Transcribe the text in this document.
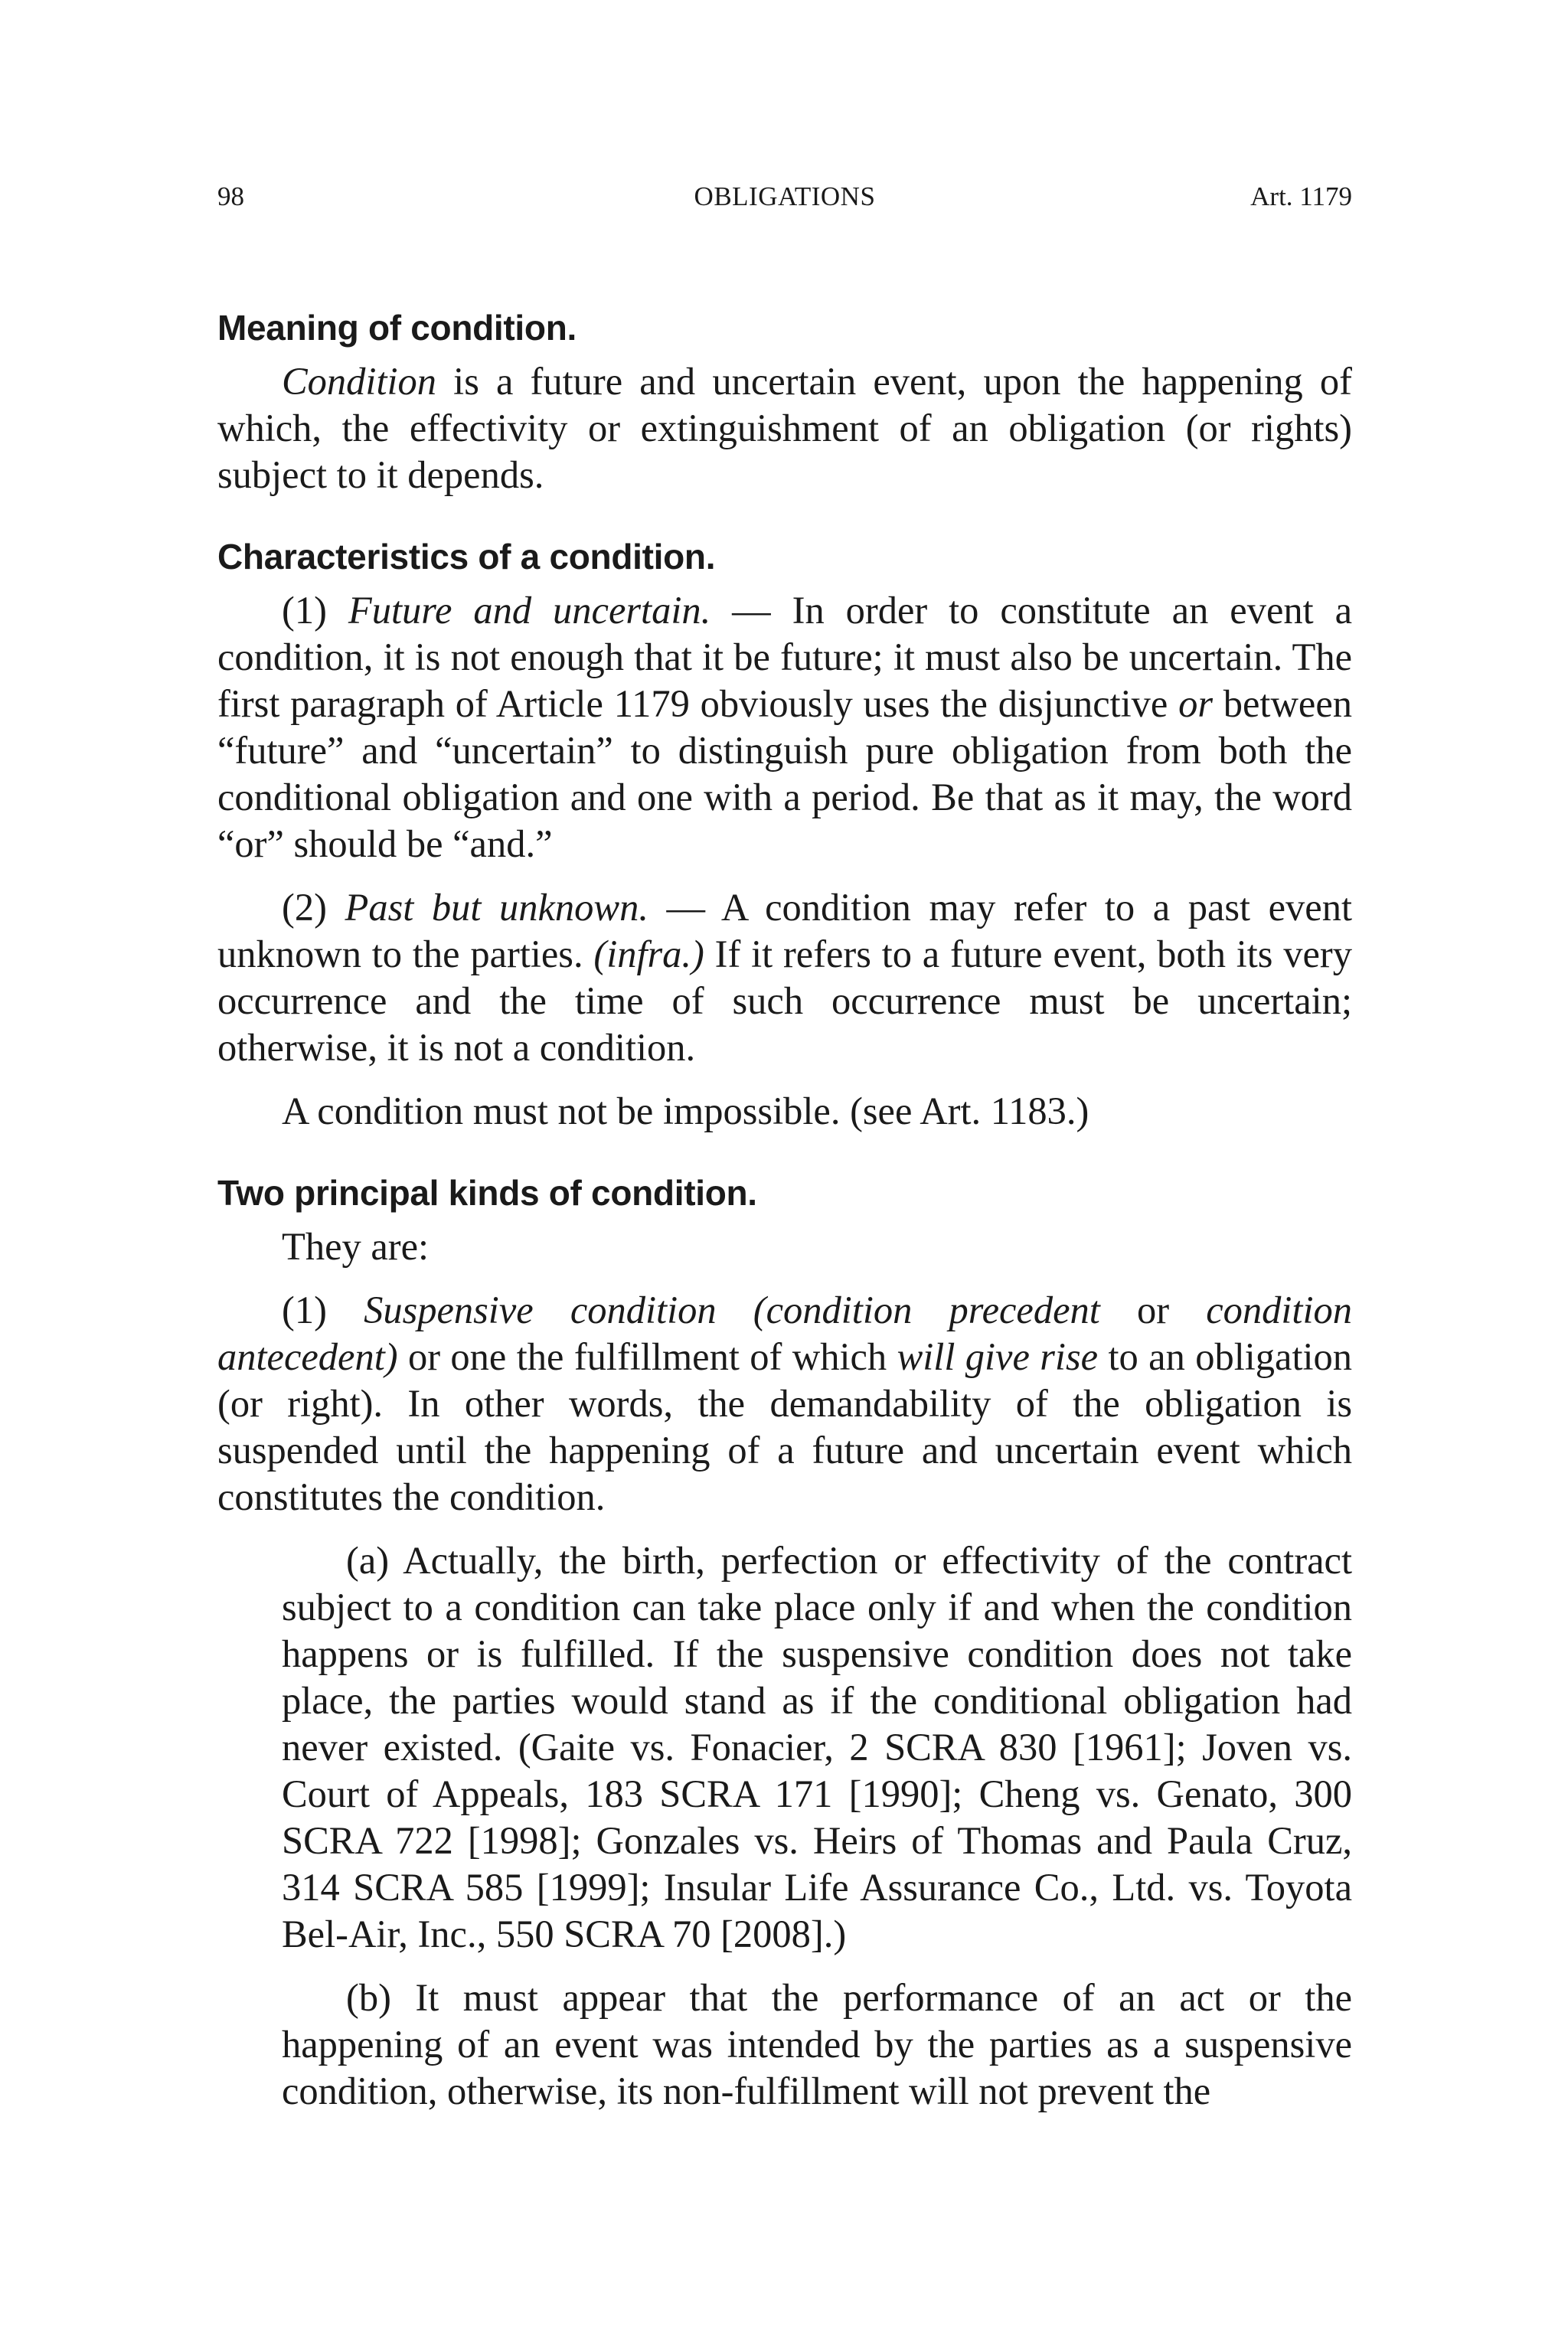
98	OBLIGATIONS	Art. 1179
Meaning of condition.

Condition is a future and uncertain event, upon the happening of which, the effectivity or extinguishment of an obligation (or rights) subject to it depends.

Characteristics of a condition.

(1) Future and uncertain. — In order to constitute an event a condition, it is not enough that it be future; it must also be uncertain. The first paragraph of Article 1179 obviously uses the disjunctive or between “future” and “uncertain” to distinguish pure obligation from both the conditional obligation and one with a period. Be that as it may, the word “or” should be “and.”

(2) Past but unknown. — A condition may refer to a past event unknown to the parties. (infra.) If it refers to a future event, both its very occurrence and the time of such occurrence must be uncertain; otherwise, it is not a condition.

A condition must not be impossible. (see Art. 1183.)

Two principal kinds of condition.

They are:

(1) Suspensive condition (condition precedent or condition antecedent) or one the fulfillment of which will give rise to an obligation (or right). In other words, the demandability of the obligation is suspended until the happening of a future and uncertain event which constitutes the condition.

(a) Actually, the birth, perfection or effectivity of the contract subject to a condition can take place only if and when the condition happens or is fulfilled. If the suspensive condition does not take place, the parties would stand as if the conditional obligation had never existed. (Gaite vs. Fonacier, 2 SCRA 830 [1961]; Joven vs. Court of Appeals, 183 SCRA 171 [1990]; Cheng vs. Genato, 300 SCRA 722 [1998]; Gonzales vs. Heirs of Thomas and Paula Cruz, 314 SCRA 585 [1999]; Insular Life Assurance Co., Ltd. vs. Toyota Bel-Air, Inc., 550 SCRA 70 [2008].)

(b) It must appear that the performance of an act or the happening of an event was intended by the parties as a suspensive condition, otherwise, its non-fulfillment will not prevent the
